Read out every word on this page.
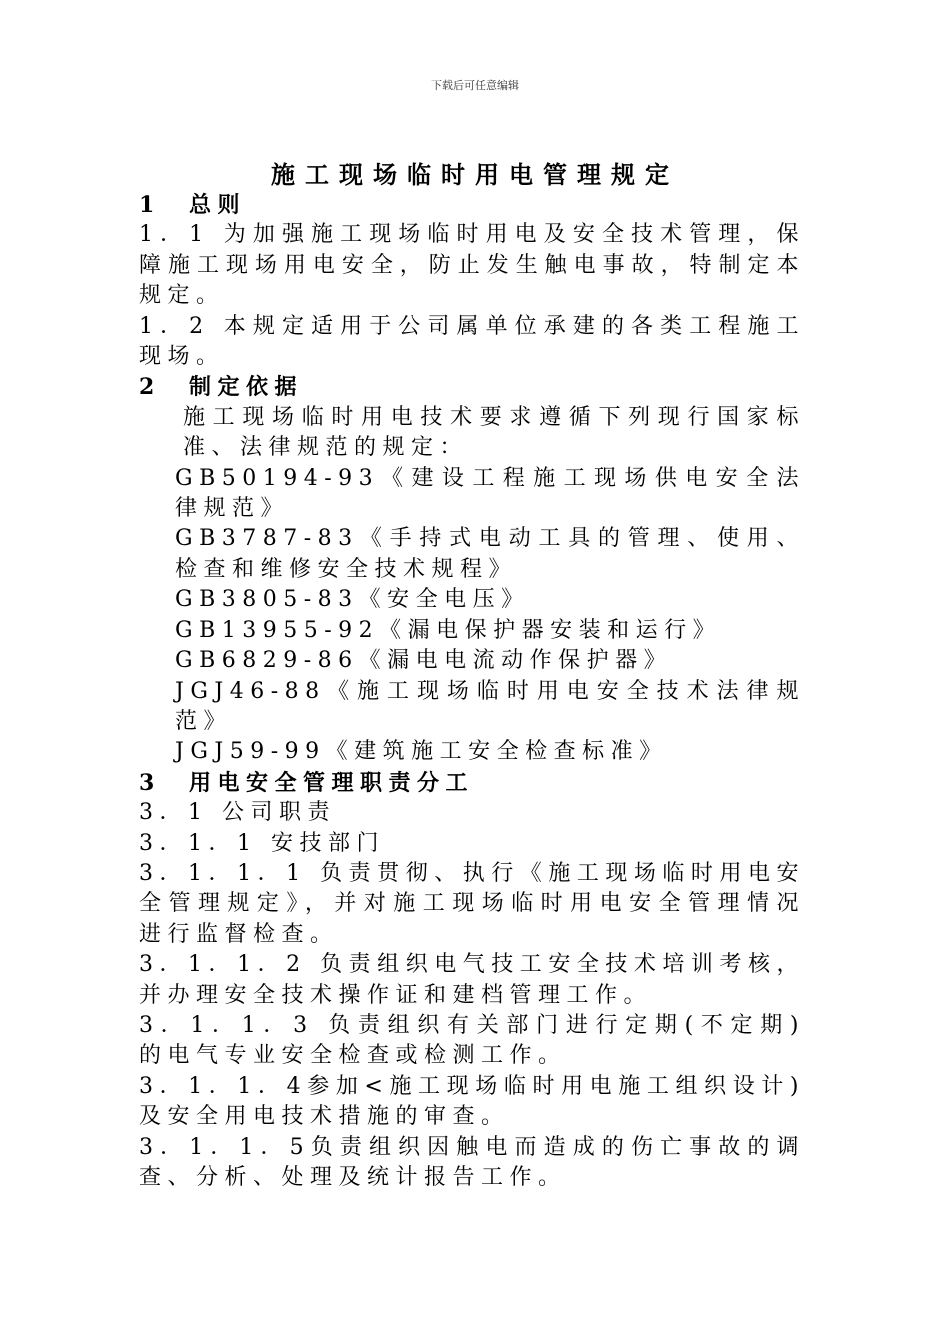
下载后可任意编辑
施工现场临时用电管理规定

1 总则

1．1 为加强施工现场临时用电及安全技术管理，保障施工现场用电安全，防止发生触电事故，特制定本规定。

1．2 本规定适用于公司属单位承建的各类工程施工现场。

2 制定依据

施工现场临时用电技术要求遵循下列现行国家标准、法律规范的规定：

GB50194-93《建设工程施工现场供电安全法律规范》

GB3787-83《手持式电动工具的管理、使用、检查和维修安全技术规程》

GB3805-83《安全电压》

GB13955-92《漏电保护器安装和运行》

GB6829-86《漏电电流动作保护器》

JGJ46-88《施工现场临时用电安全技术法律规范》

JGJ59-99《建筑施工安全检查标准》

3 用电安全管理职责分工

3．1 公司职责

3．1．1 安技部门

3．1．1．1 负责贯彻、执行《施工现场临时用电安全管理规定》，并对施工现场临时用电安全管理情况进行监督检查。

3．1．1．2 负责组织电气技工安全技术培训考核，并办理安全技术操作证和建档管理工作。

3．1．1．3 负责组织有关部门进行定期(不定期)的电气专业安全检查或检测工作。

3．1．1．4参加<施工现场临时用电施工组织设计)及安全用电技术措施的审查。

3．1．1．5负责组织因触电而造成的伤亡事故的调查、分析、处理及统计报告工作。
